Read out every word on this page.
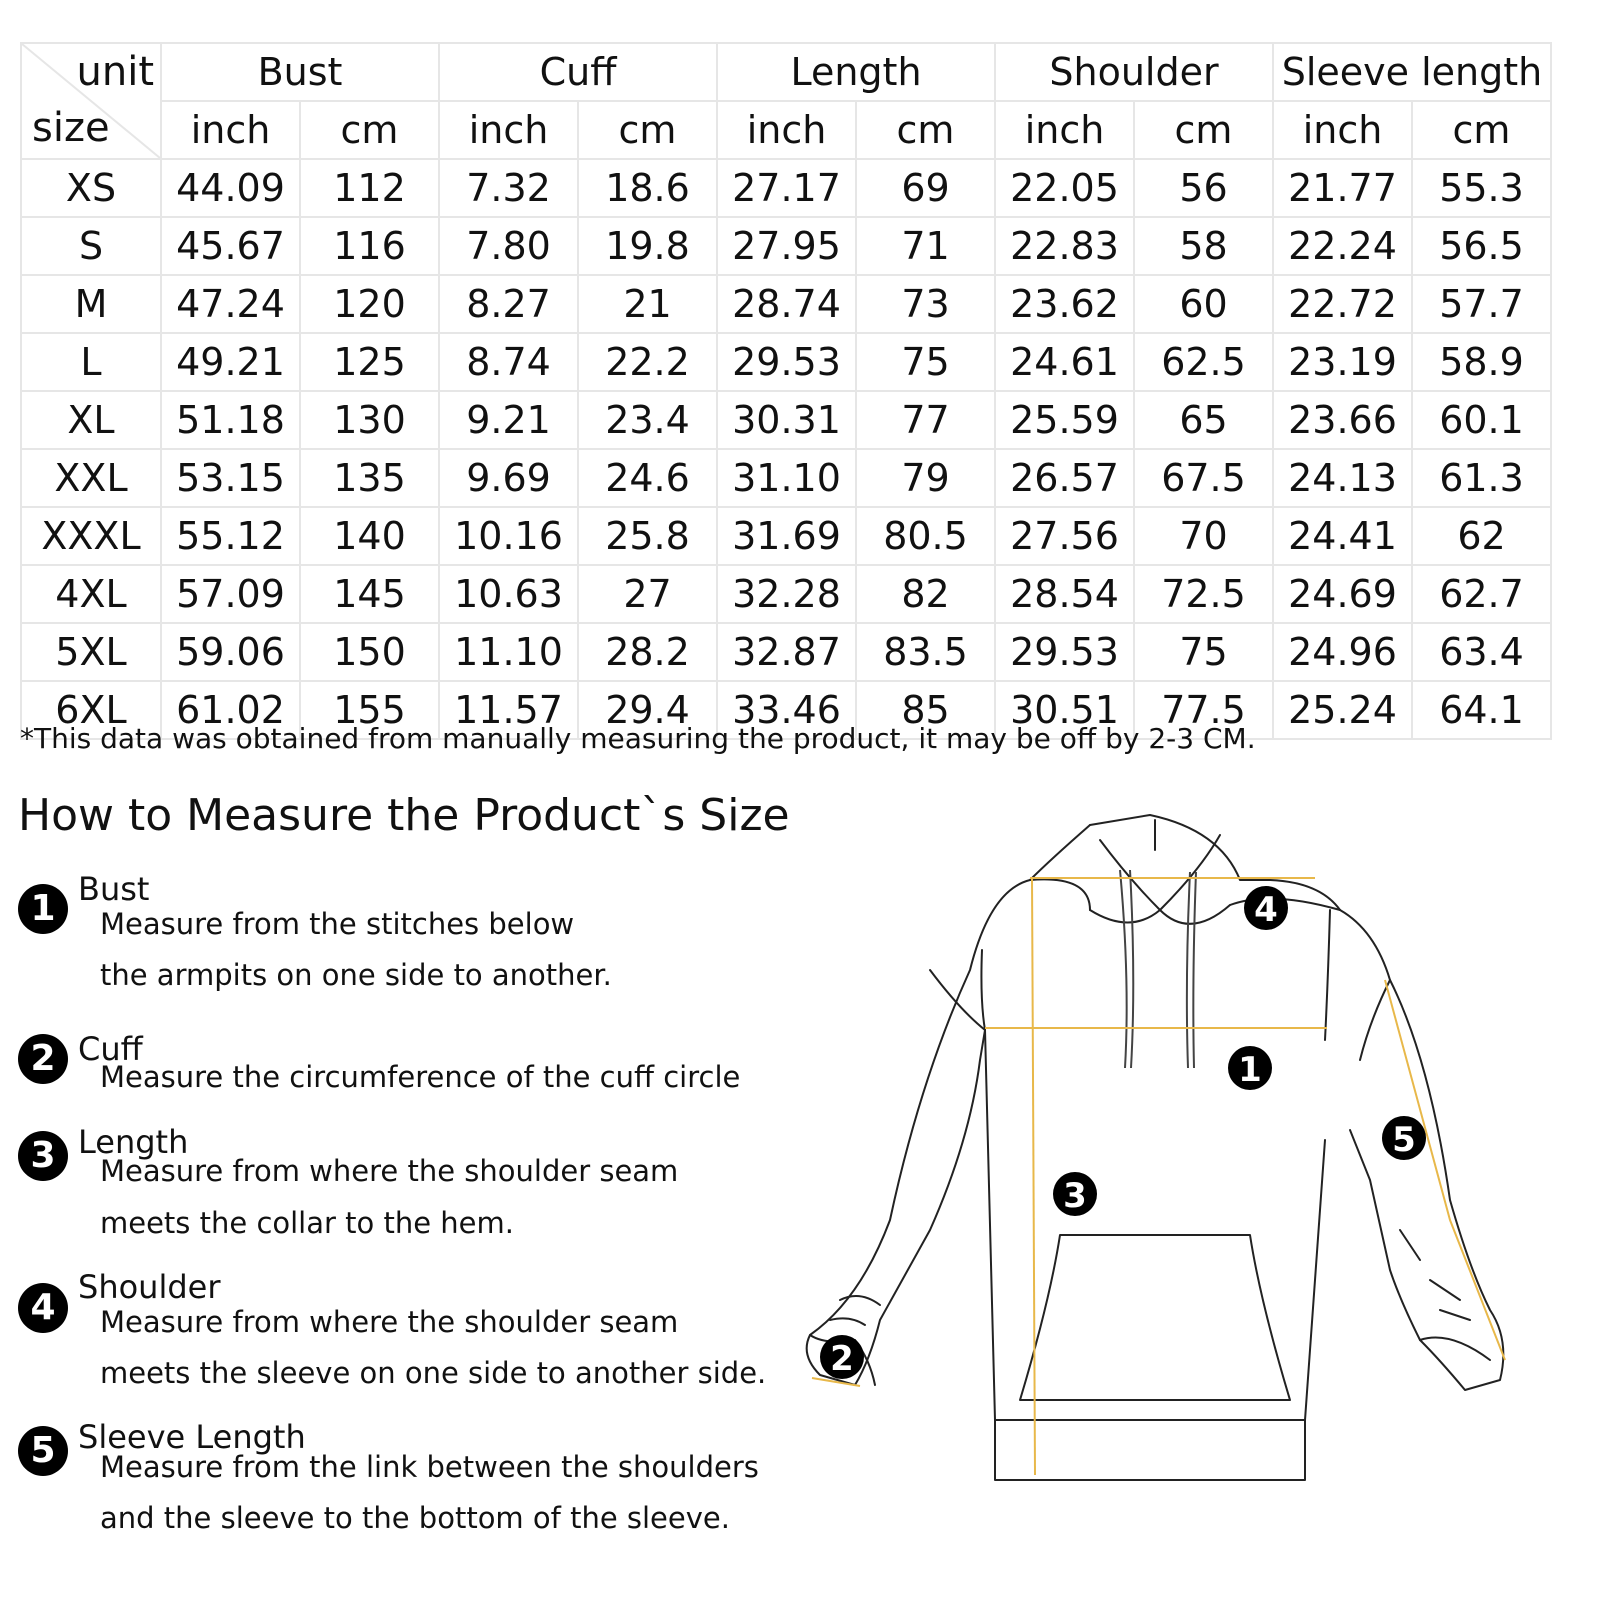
unit
size	Bust		Cuff		Length		Shoulder		Sleeve length	
	inch	cm	inch	cm	inch	cm	inch	cm	inch	cm
XS	44.09	112	7.32	18.6	27.17	69	22.05	56	21.77	55.3
S	45.67	116	7.80	19.8	27.95	71	22.83	58	22.24	56.5
M	47.24	120	8.27	21	28.74	73	23.62	60	22.72	57.7
L	49.21	125	8.74	22.2	29.53	75	24.61	62.5	23.19	58.9
XL	51.18	130	9.21	23.4	30.31	77	25.59	65	23.66	60.1
XXL	53.15	135	9.69	24.6	31.10	79	26.57	67.5	24.13	61.3
XXXL	55.12	140	10.16	25.8	31.69	80.5	27.56	70	24.41	62
4XL	57.09	145	10.63	27	32.28	82	28.54	72.5	24.69	62.7
5XL	59.06	150	11.10	28.2	32.87	83.5	29.53	75	24.96	63.4
6XL	61.02	155	11.57	29.4	33.46	85	30.51	77.5	25.24	64.1
*This data was obtained from manually measuring the product, it may be off by 2-3 CM.
How to Measure the Product`s Size
1 Bust
Measure from the stitches below
the armpits on one side to another.
2 Cuff
Measure the circumference of the cuff circle
3 Length
Measure from where the shoulder seam
meets the collar to the hem.
4 Shoulder
Measure from where the shoulder seam
meets the sleeve on one side to another side.
5 Sleeve Length
Measure from the link between the shoulders
and the sleeve to the bottom of the sleeve.
4
1
5
3
2
